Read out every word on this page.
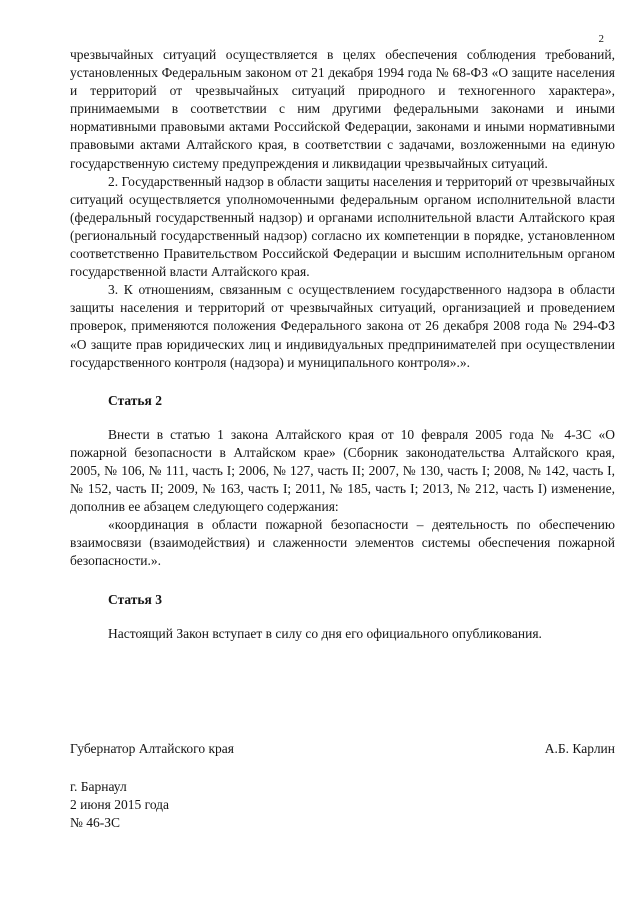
2

чрезвычайных ситуаций осуществляется в целях обеспечения соблюдения требований, установленных Федеральным законом от 21 декабря 1994 года № 68-ФЗ «О защите населения и территорий от чрезвычайных ситуаций природного и техногенного характера», принимаемыми в соответствии с ним другими федеральными законами и иными нормативными правовыми актами Российской Федерации, законами и иными нормативными правовыми актами Алтайского края, в соответствии с задачами, возложенными на единую государственную систему предупреждения и ликвидации чрезвычайных ситуаций.

2. Государственный надзор в области защиты населения и территорий от чрезвычайных ситуаций осуществляется уполномоченными федеральным органом исполнительной власти (федеральный государственный надзор) и органами исполнительной власти Алтайского края (региональный государственный надзор) согласно их компетенции в порядке, установленном соответственно Правительством Российской Федерации и высшим исполнительным органом государственной власти Алтайского края.

3. К отношениям, связанным с осуществлением государственного надзора в области защиты населения и территорий от чрезвычайных ситуаций, организацией и проведением проверок, применяются положения Федерального закона от 26 декабря 2008 года № 294-ФЗ «О защите прав юридических лиц и индивидуальных предпринимателей при осуществлении государственного контроля (надзора) и муниципального контроля».».

Статья 2

Внести в статью 1 закона Алтайского края от 10 февраля 2005 года № 4-ЗС «О пожарной безопасности в Алтайском крае» (Сборник законодательства Алтайского края, 2005, № 106, № 111, часть I; 2006, № 127, часть II; 2007, № 130, часть I; 2008, № 142, часть I, № 152, часть II; 2009, № 163, часть I; 2011, № 185, часть I; 2013, № 212, часть I) изменение, дополнив ее абзацем следующего содержания:

«координация в области пожарной безопасности – деятельность по обеспечению взаимосвязи (взаимодействия) и слаженности элементов системы обеспечения пожарной безопасности.».

Статья 3

Настоящий Закон вступает в силу со дня его официального опубликования.

Губернатор Алтайского края	А.Б. Карлин
г. Барнаул
2 июня 2015 года
№ 46-ЗС
